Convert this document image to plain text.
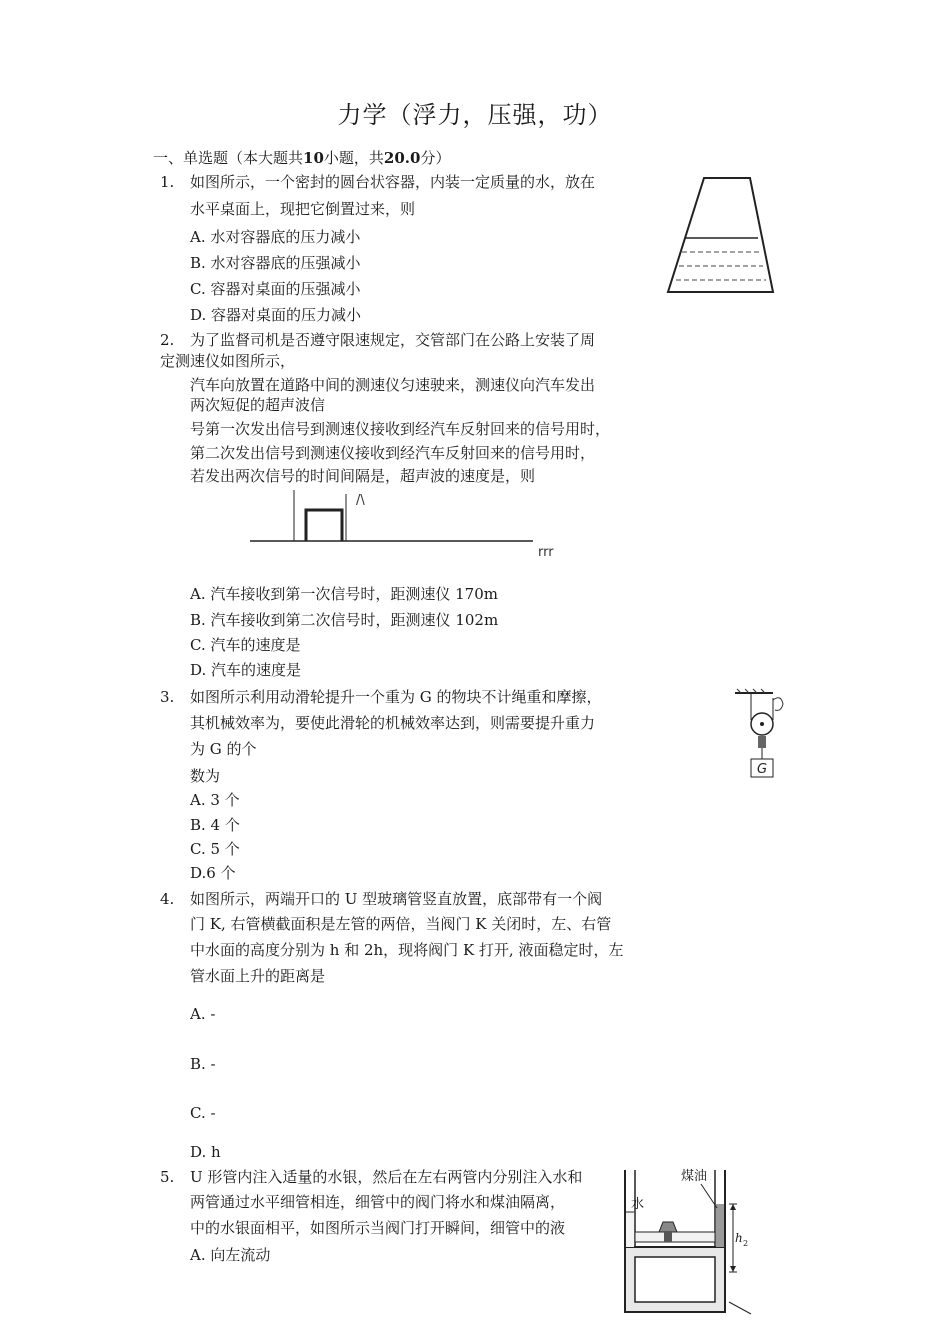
力学（浮力，压强，功）
一、单选题（本大题共10小题，共20.0分）
1. 如图所示，一个密封的圆台状容器，内装一定质量的水，放在
水平桌面上，现把它倒置过来，则
A. 水对容器底的压力减小
B. 水对容器底的压强减小
C. 容器对桌面的压强减小
D. 容器对桌面的压力减小
2. 为了监督司机是否遵守限速规定，交管部门在公路上安装了周
定测速仪如图所示，
汽车向放置在道路中间的测速仪匀速驶来，测速仪向汽车发出
两次短促的超声波信
号第一次发出信号到测速仪接收到经汽车反射回来的信号用时，
第二次发出信号到测速仪接收到经汽车反射回来的信号用时，
若发出两次信号的时间间隔是，超声波的速度是，则
/\
rrr
A. 汽车接收到第一次信号时，距测速仪 170m
B. 汽车接收到第二次信号时，距测速仪 102m
C. 汽车的速度是
D. 汽车的速度是
3. 如图所示利用动滑轮提升一个重为 G 的物块不计绳重和摩擦，
其机械效率为，要使此滑轮的机械效率达到，则需要提升重力
为 G 的个
数为
A. 3 个
B. 4 个
C. 5 个
D.6 个
G
4. 如图所示，两端开口的 U 型玻璃管竖直放置，底部带有一个阀
门 K, 右管横截面积是左管的两倍，当阀门 K 关闭时，左、右管
中水面的高度分别为 h 和 2h，现将阀门 K 打开, 液面稳定时，左
管水面上升的距离是
A. -
B. -
C. -
D. h
5. U 形管内注入适量的水银，然后在左右两管内分别注入水和
两管通过水平细管相连，细管中的阀门将水和煤油隔离，
中的水银面相平，如图所示当阀门打开瞬间，细管中的液
A. 向左流动
h 2
煤油
水
